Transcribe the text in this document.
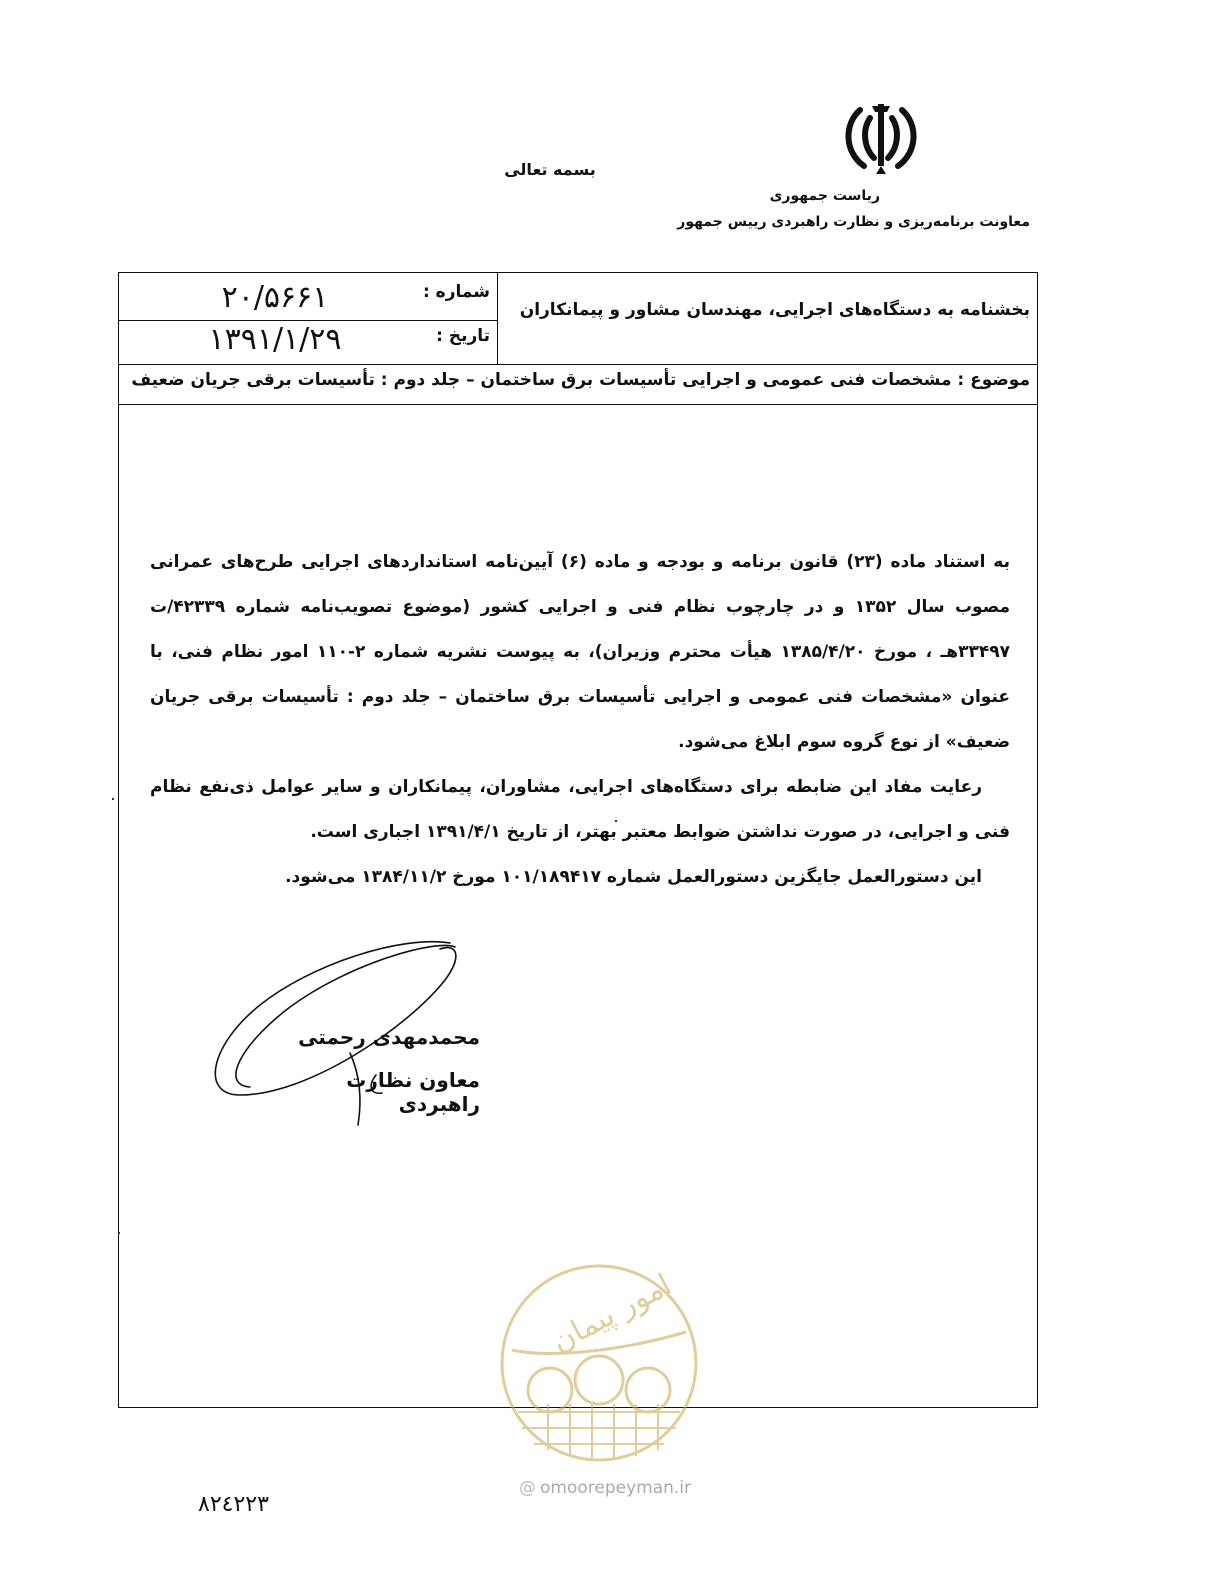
بسمه تعالی
ریاست جمهوری
معاونت برنامه‌ریزی و نظارت راهبردی رییس جمهور
شماره :
۲۰/۵۶۶۱
تاریخ :
۱۳۹۱/۱/۲۹
بخشنامه به دستگاه‌های اجرایی، مهندسان مشاور و پیمانکاران
موضوع : مشخصات فنی عمومی و اجرایی تأسیسات برق ساختمان – جلد دوم : تأسیسات برقی جریان ضعیف

به استناد ماده (۲۳) قانون برنامه و بودجه و ماده (۶) آیین‌نامه استانداردهای اجرایی طرح‌های عمرانی مصوب سال ۱۳۵۲ و در چارچوب نظام فنی و اجرایی کشور (موضوع تصویب‌نامه شماره ۴۲۳۳۹/ت ۳۳۴۹۷هـ ، مورخ ۱۳۸۵/۴/۲۰ هیأت محترم وزیران)، به پیوست نشریه شماره ۲-۱۱۰ امور نظام فنی، با عنوان «مشخصات فنی عمومی و اجرایی تأسیسات برق ساختمان – جلد دوم : تأسیسات برقی جریان ضعیف» از نوع گروه سوم ابلاغ می‌شود.

رعایت مفاد این ضابطه برای دستگاه‌های اجرایی، مشاوران، پیمانکاران و سایر عوامل ذی‌نفع نظام فنی و اجرایی، در صورت نداشتن ضوابط معتبر بهتر، از تاریخ ۱۳۹۱/۴/۱ اجباری است.

این دستورالعمل جایگزین دستورالعمل شماره ۱۰۱/۱۸۹۴۱۷ مورخ ۱۳۸۴/۱۱/۲ می‌شود.

محمدمهدی رحمتی
معاون نظارت راهبردی
امور پیمان
@ omoorepeyman.ir
۸۲٤۲۲۳
